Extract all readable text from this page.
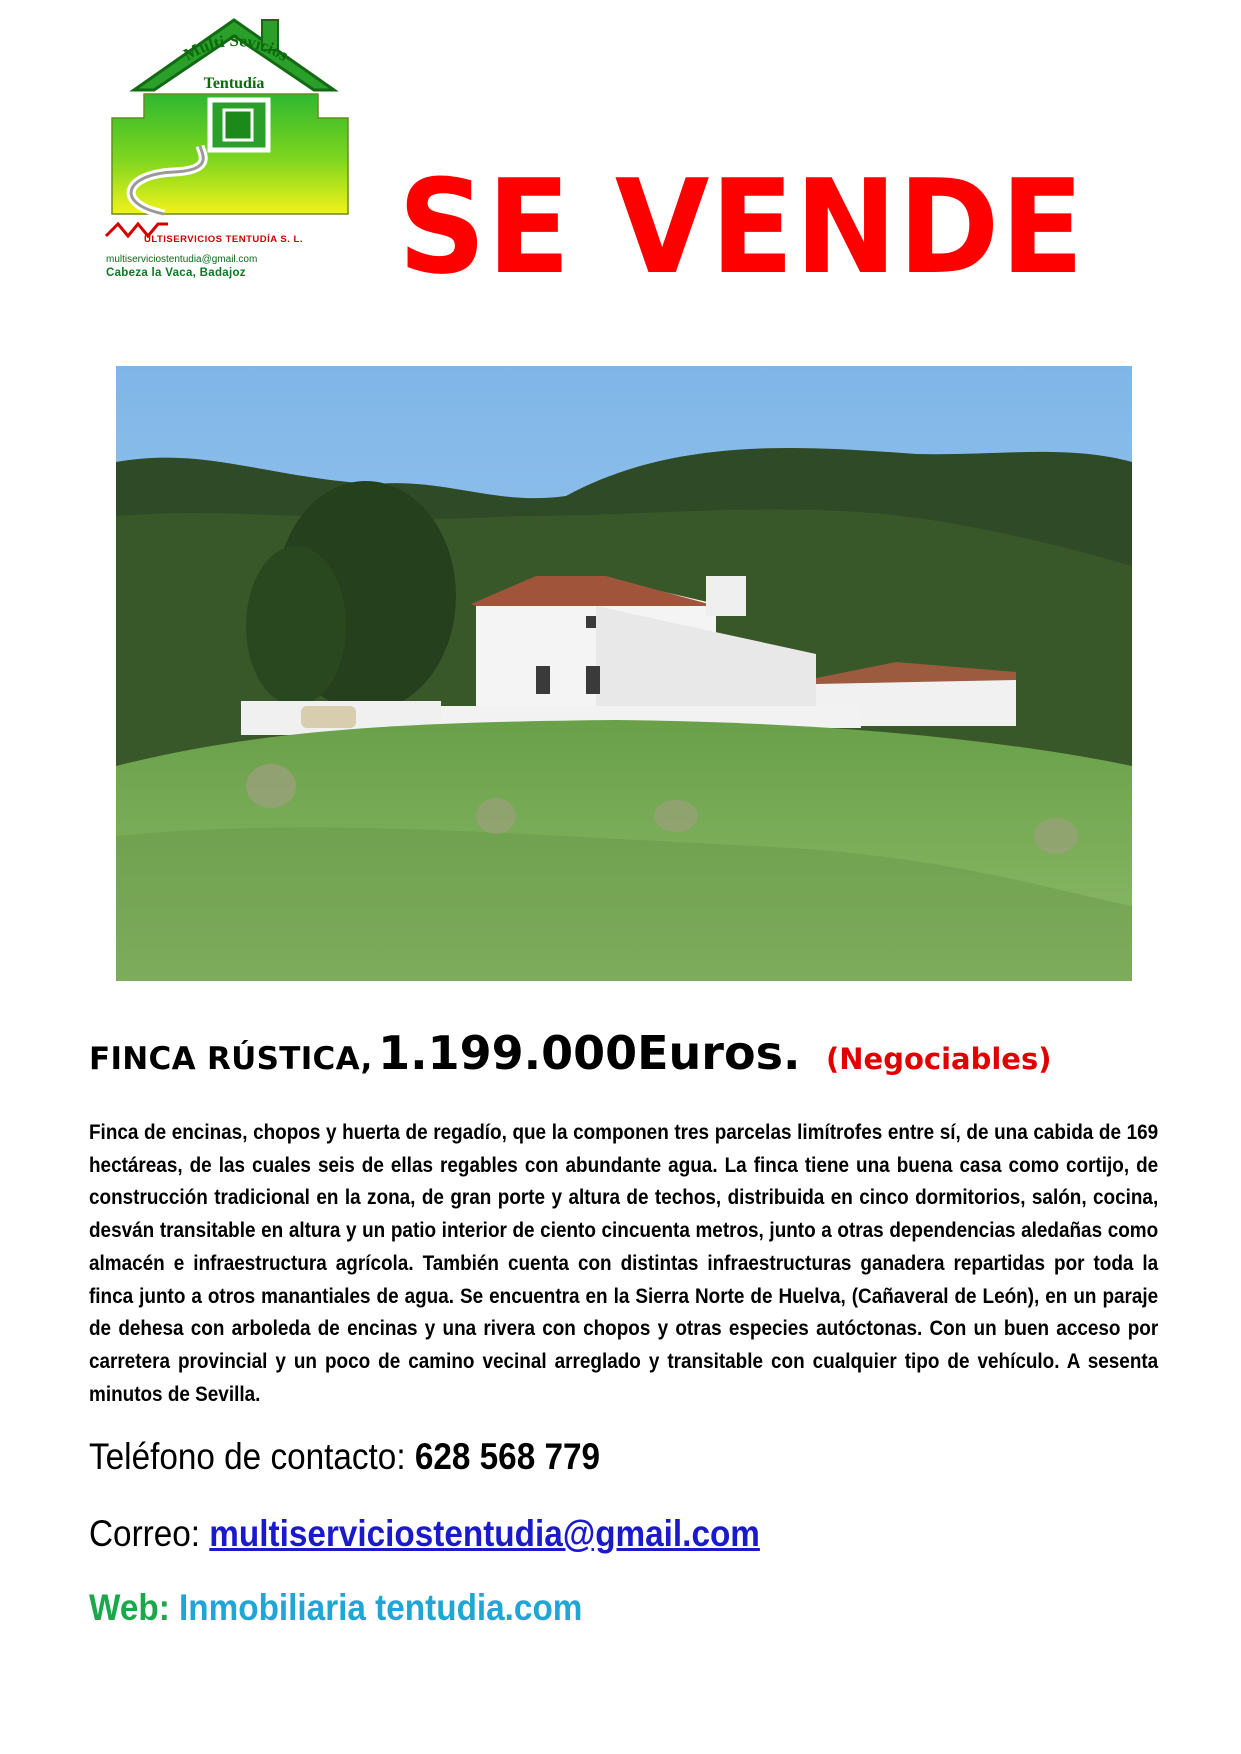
Multi Sevicios
Tentudía
ULTISERVICIOS TENTUDÍA S. L.
multiserviciostentudia@gmail.com
Cabeza la Vaca, Badajoz SE VENDE
FINCA RÚSTICA, 1.199.000Euros. (Negociables)
Finca de encinas, chopos y huerta de regadío, que la componen tres parcelas limítrofes entre sí, de una cabida de 169 hectáreas, de las cuales seis de ellas regables con abundante agua. La finca tiene una buena casa como cortijo, de construcción tradicional en la zona, de gran porte y altura de techos, distribuida en cinco dormitorios, salón, cocina, desván transitable en altura y un patio interior de ciento cincuenta metros, junto a otras dependencias aledañas como almacén e infraestructura agrícola. También cuenta con distintas infraestructuras ganadera repartidas por toda la finca junto a otros manantiales de agua. Se encuentra en la Sierra Norte de Huelva, (Cañaveral de León), en un paraje de dehesa con arboleda de encinas y una rivera con chopos y otras especies autóctonas. Con un buen acceso por carretera provincial y un poco de camino vecinal arreglado y transitable con cualquier tipo de vehículo. A sesenta minutos de Sevilla.
Teléfono de contacto: 628 568 779
Correo: multiserviciostentudia@gmail.com
Web: Inmobiliaria tentudia.com
